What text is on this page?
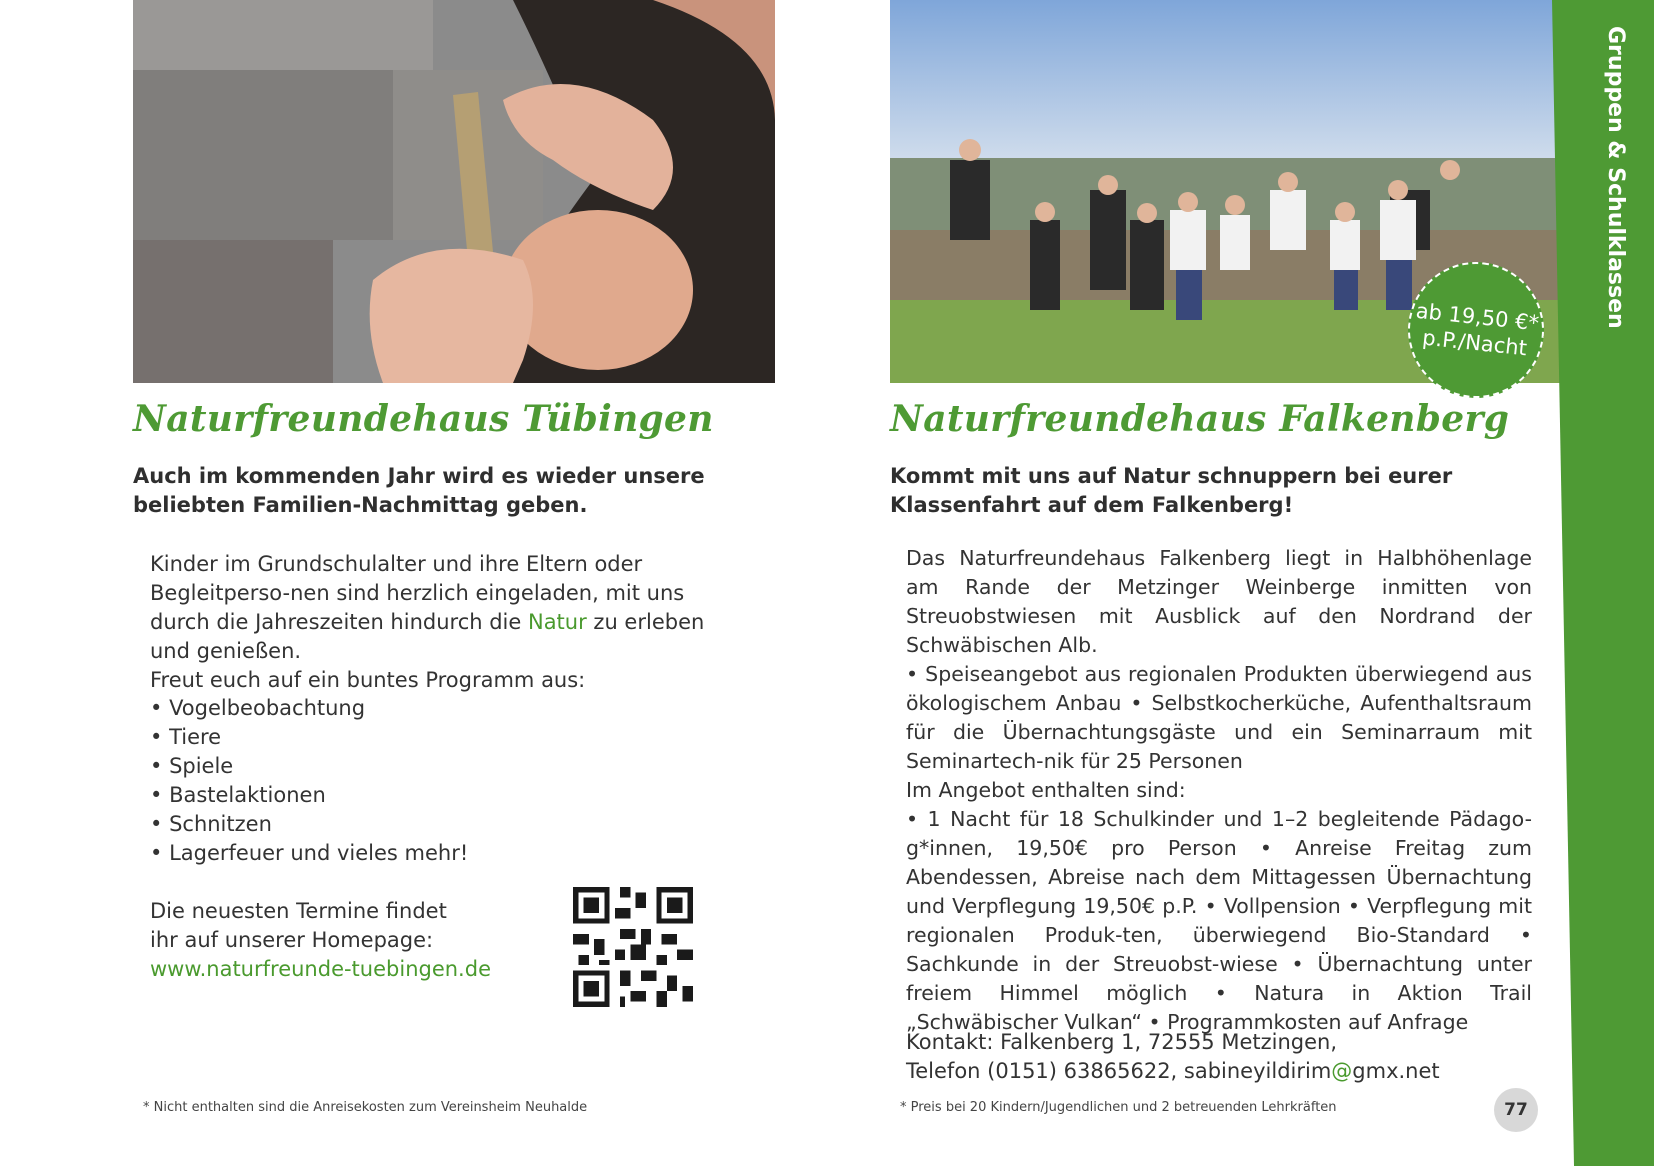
ab 19,50 €*
p.P./Nacht
Naturfreundehaus Tübingen

Auch im kommenden Jahr wird es wieder unsere beliebten Familien-Nachmittag geben.

Kinder im Grundschulalter und ihre Eltern oder Begleitperso-nen sind herzlich eingeladen, mit uns durch die Jahreszeiten hindurch die Natur zu erleben und genießen.

Freut euch auf ein buntes Programm aus:

• Vogelbeobachtung
• Tiere
• Spiele
• Bastelaktionen
• Schnitzen
• Lagerfeuer und vieles mehr!
Die neuesten Termine findet
ihr auf unserer Homepage:
www.naturfreunde-tuebingen.de
* Nicht enthalten sind die Anreisekosten zum Vereinsheim Neuhalde
Naturfreundehaus Falkenberg

Kommt mit uns auf Natur schnuppern bei eurer Klassenfahrt auf dem Falkenberg!

Das Naturfreundehaus Falkenberg liegt in Halbhöhenlage am Rande der Metzinger Weinberge inmitten von Streuobstwiesen mit Ausblick auf den Nordrand der Schwäbischen Alb.

• Speiseangebot aus regionalen Produkten überwiegend aus ökologischem Anbau • Selbstkocherküche, Aufenthaltsraum für die Übernachtungsgäste und ein Seminarraum mit Seminartech-nik für 25 Personen

Im Angebot enthalten sind:

• 1 Nacht für 18 Schulkinder und 1–2 begleitende Pädago-g*innen, 19,50€ pro Person • Anreise Freitag zum Abendessen, Abreise nach dem Mittagessen Übernachtung und Verpflegung 19,50€ p.P. • Vollpension • Verpflegung mit regionalen Produk-ten, überwiegend Bio-Standard • Sachkunde in der Streuobst-wiese • Übernachtung unter freiem Himmel möglich • Natura in Aktion Trail „Schwäbischer Vulkan“ • Programmkosten auf Anfrage

Kontakt: Falkenberg 1, 72555 Metzingen,
Telefon (0151) 63865622, sabineyildirim@gmx.net
* Preis bei 20 Kindern/Jugendlichen und 2 betreuenden Lehrkräften
Gruppen & Schulklassen
77
